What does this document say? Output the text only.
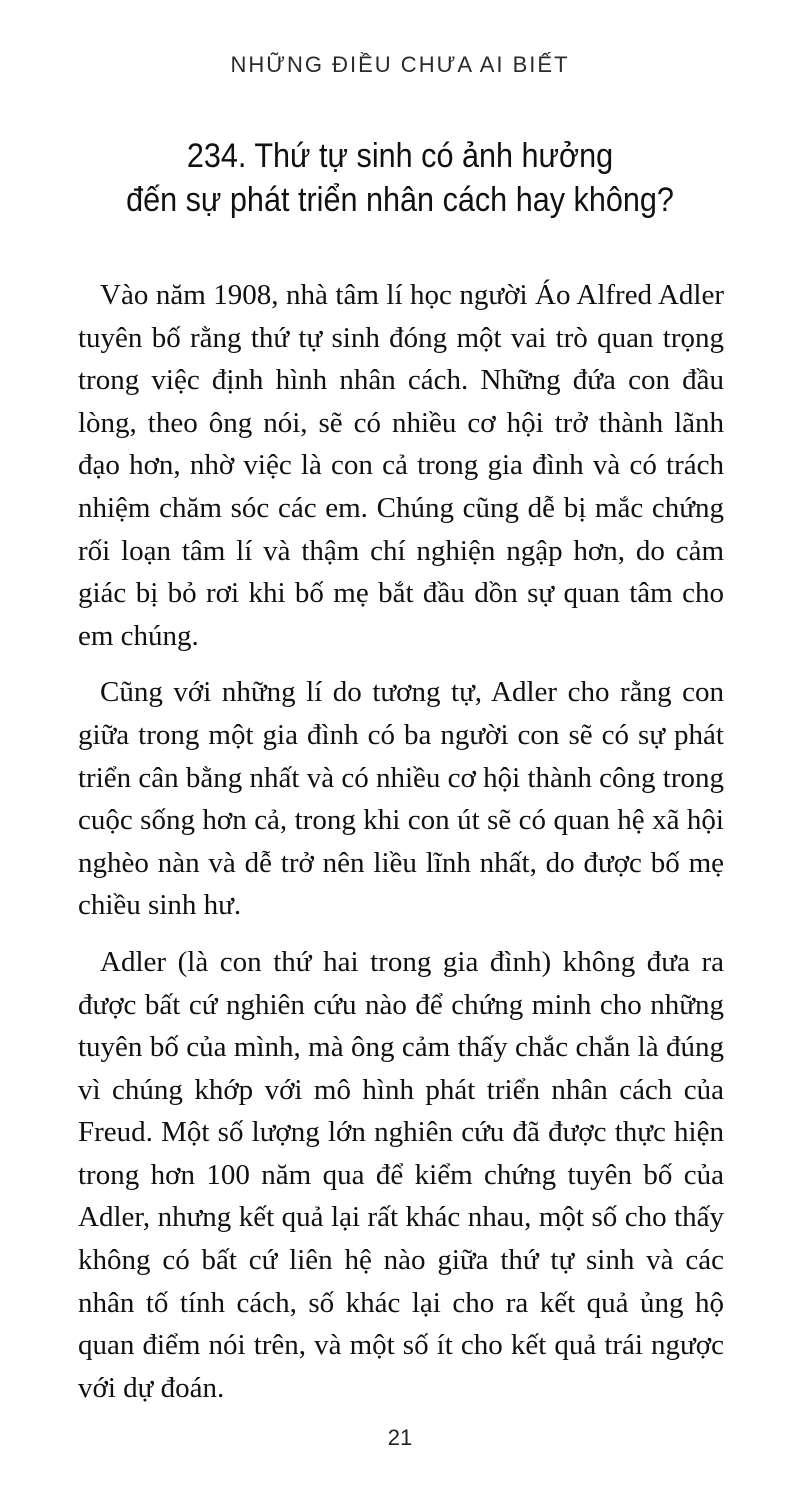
NHỮNG ĐIỀU CHƯA AI BIẾT
234. Thứ tự sinh có ảnh hưởng
đến sự phát triển nhân cách hay không?

Vào năm 1908, nhà tâm lí học người Áo Alfred Adler tuyên bố rằng thứ tự sinh đóng một vai trò quan trọng trong việc định hình nhân cách. Những đứa con đầu lòng, theo ông nói, sẽ có nhiều cơ hội trở thành lãnh đạo hơn, nhờ việc là con cả trong gia đình và có trách nhiệm chăm sóc các em. Chúng cũng dễ bị mắc chứng rối loạn tâm lí và thậm chí nghiện ngập hơn, do cảm giác bị bỏ rơi khi bố mẹ bắt đầu dồn sự quan tâm cho em chúng.

Cũng với những lí do tương tự, Adler cho rằng con giữa trong một gia đình có ba người con sẽ có sự phát triển cân bằng nhất và có nhiều cơ hội thành công trong cuộc sống hơn cả, trong khi con út sẽ có quan hệ xã hội nghèo nàn và dễ trở nên liều lĩnh nhất, do được bố mẹ chiều sinh hư.

Adler (là con thứ hai trong gia đình) không đưa ra được bất cứ nghiên cứu nào để chứng minh cho những tuyên bố của mình, mà ông cảm thấy chắc chắn là đúng vì chúng khớp với mô hình phát triển nhân cách của Freud. Một số lượng lớn nghiên cứu đã được thực hiện trong hơn 100 năm qua để kiểm chứng tuyên bố của Adler, nhưng kết quả lại rất khác nhau, một số cho thấy không có bất cứ liên hệ nào giữa thứ tự sinh và các nhân tố tính cách, số khác lại cho ra kết quả ủng hộ quan điểm nói trên, và một số ít cho kết quả trái ngược với dự đoán.

21
